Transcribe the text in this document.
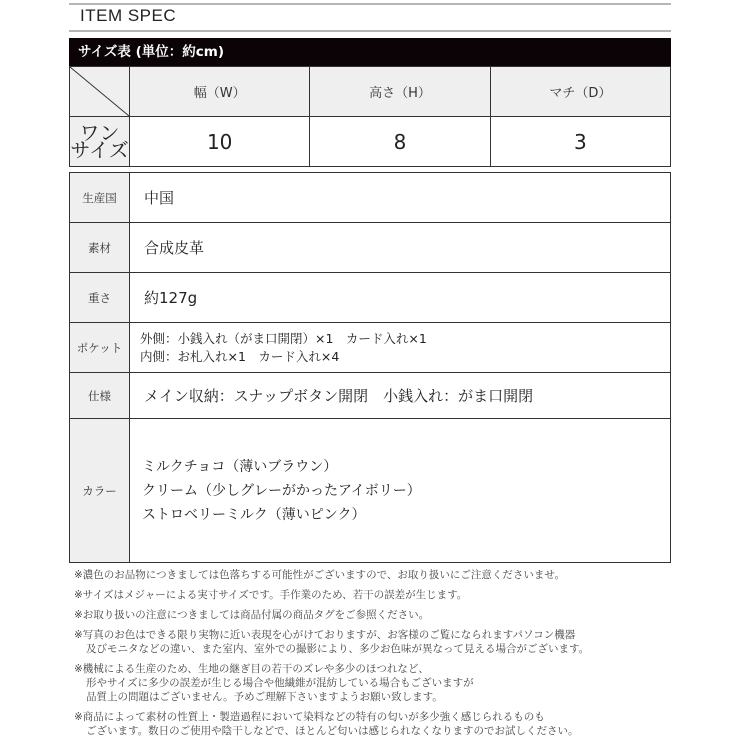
ITEM SPEC
サイズ表 (単位：約cm)
	幅（W）	高さ（H）	マチ（D）

ワン
サイズ	10	8	3
生産国	中国

素材	合成皮革

重さ	約127g

ポケット	外側：小銭入れ（がま口開閉）×1　カード入れ×1
内側：お札入れ×1　カード入れ×4

仕様	メイン収納：スナップボタン開閉　小銭入れ：がま口開閉

カラー	ミルクチョコ（薄いブラウン）
クリーム（少しグレーがかったアイボリー）
ストロベリーミルク（薄いピンク）
※濃色のお品物につきましては色落ちする可能性がございますので、お取り扱いにご注意くださいませ。
※サイズはメジャーによる実寸サイズです。手作業のため、若干の誤差が生じます。
※お取り扱いの注意につきましては商品付属の商品タグをご参照ください。
※写真のお色はできる限り実物に近い表現を心がけておりますが、お客様のご覧になられますパソコン機器
及びモニタなどの違い、また室内、室外での撮影により、多少お色味が異なって見える場合がございます。
※機械による生産のため、生地の継ぎ目の若干のズレや多少のほつれなど、
形やサイズに多少の誤差が生じる場合や他繊維が混紡している場合もございますが
品質上の問題はございません。予めご理解下さいますようお願い致します。
※商品によって素材の性質上・製造過程において染料などの特有の匂いが多少強く感じられるものも
ございます。数日のご使用や陰干しなどで、ほとんど匂いは感じられなくなりますのでお試しください。
